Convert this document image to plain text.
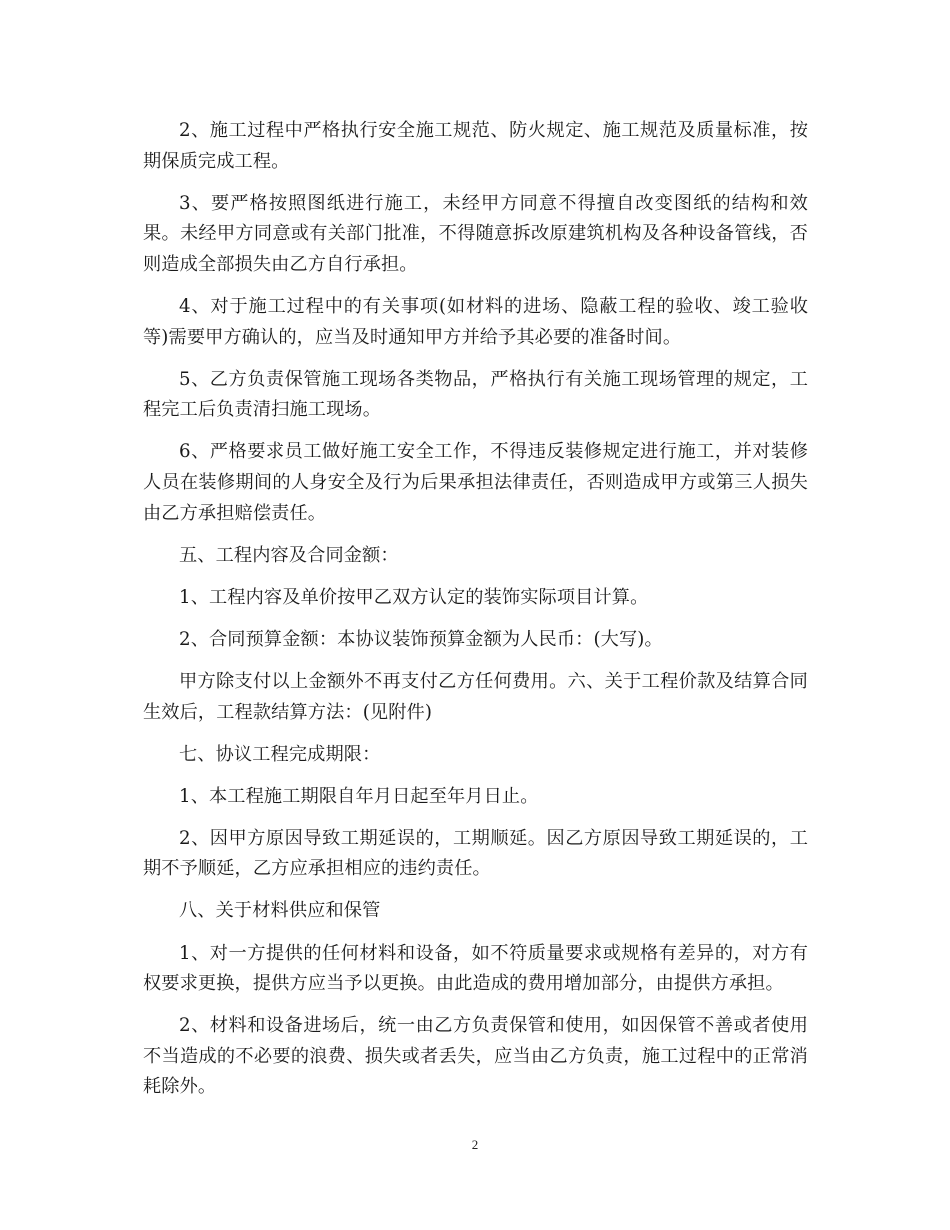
2、施工过程中严格执行安全施工规范、防火规定、施工规范及质量标准，按期保质完成工程。

3、要严格按照图纸进行施工，未经甲方同意不得擅自改变图纸的结构和效果。未经甲方同意或有关部门批准，不得随意拆改原建筑机构及各种设备管线，否则造成全部损失由乙方自行承担。

4、对于施工过程中的有关事项(如材料的进场、隐蔽工程的验收、竣工验收等)需要甲方确认的，应当及时通知甲方并给予其必要的准备时间。

5、乙方负责保管施工现场各类物品，严格执行有关施工现场管理的规定，工程完工后负责清扫施工现场。

6、严格要求员工做好施工安全工作，不得违反装修规定进行施工，并对装修人员在装修期间的人身安全及行为后果承担法律责任，否则造成甲方或第三人损失由乙方承担赔偿责任。

五、工程内容及合同金额：

1、工程内容及单价按甲乙双方认定的装饰实际项目计算。

2、合同预算金额：本协议装饰预算金额为人民币：(大写)。

甲方除支付以上金额外不再支付乙方任何费用。六、关于工程价款及结算合同生效后，工程款结算方法：(见附件)

七、协议工程完成期限：

1、本工程施工期限自年月日起至年月日止。

2、因甲方原因导致工期延误的，工期顺延。因乙方原因导致工期延误的，工期不予顺延，乙方应承担相应的违约责任。

八、关于材料供应和保管

1、对一方提供的任何材料和设备，如不符质量要求或规格有差异的，对方有权要求更换，提供方应当予以更换。由此造成的费用增加部分，由提供方承担。

2、材料和设备进场后，统一由乙方负责保管和使用，如因保管不善或者使用不当造成的不必要的浪费、损失或者丢失，应当由乙方负责，施工过程中的正常消耗除外。

2
